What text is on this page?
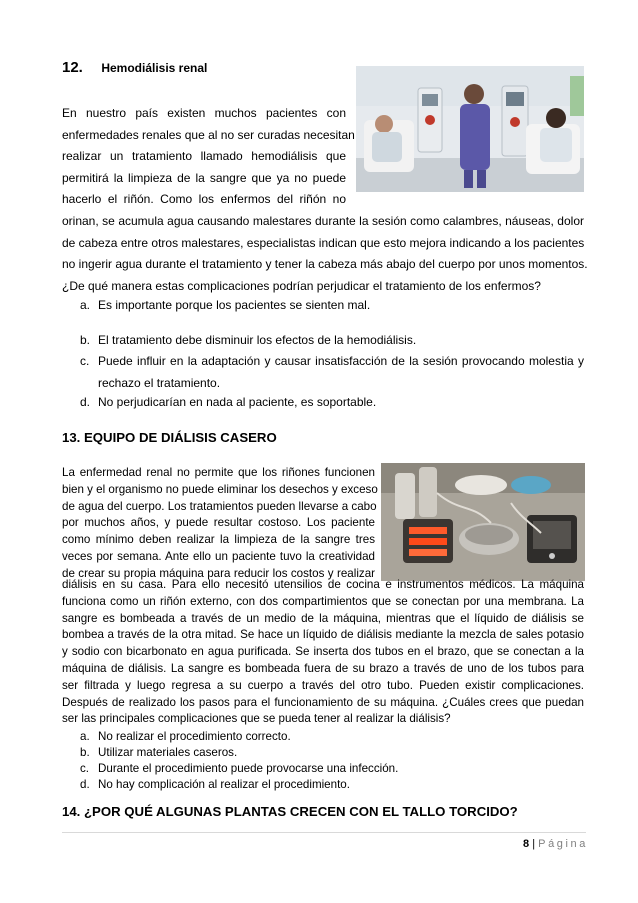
12. Hemodiálisis renal
En nuestro país existen muchos pacientes con
enfermedades renales que al no ser curadas necesitan
realizar un tratamiento llamado hemodiálisis que
permitirá la limpieza de la sangre que ya no puede
hacerlo el riñón. Como los enfermos del riñón no
orinan, se acumula agua causando malestares durante la sesión como calambres, náuseas, dolor
de cabeza entre otros malestares, especialistas indican que esto mejora indicando a los pacientes
no ingerir agua durante el tratamiento y tener la cabeza más abajo del cuerpo por unos momentos.
¿De qué manera estas complicaciones podrían perjudicar el tratamiento de los enfermos?
a. Es importante porque los pacientes se sienten mal.
b. El tratamiento debe disminuir los efectos de la hemodiálisis.
c. Puede influir en la adaptación y causar insatisfacción de la sesión provocando molestia y
rechazo el tratamiento.
d. No perjudicarían en nada al paciente, es soportable.
13. EQUIPO DE DIÁLISIS CASERO
La enfermedad renal no permite que los riñones funcionen
bien y el organismo no puede eliminar los desechos y exceso
de agua del cuerpo. Los tratamientos pueden llevarse a cabo
por muchos años, y puede resultar costoso. Los paciente
como mínimo deben realizar la limpieza de la sangre tres
veces por semana. Ante ello un paciente tuvo la creatividad
de crear su propia máquina para reducir los costos y realizar
diálisis en su casa. Para ello necesitó utensilios de cocina e instrumentos médicos. La máquina
funciona como un riñón externo, con dos compartimientos que se conectan por una membrana. La
sangre es bombeada a través de un medio de la máquina, mientras que el líquido de diálisis se
bombea a través de la otra mitad. Se hace un líquido de diálisis mediante la mezcla de sales potasio
y sodio con bicarbonato en agua purificada. Se inserta dos tubos en el brazo, que se conectan a la
máquina de diálisis. La sangre es bombeada fuera de su brazo a través de uno de los tubos para
ser filtrada y luego regresa a su cuerpo a través del otro tubo. Pueden existir complicaciones.
Después de realizado los pasos para el funcionamiento de su máquina. ¿Cuáles crees que puedan
ser las principales complicaciones que se pueda tener al realizar la diálisis?
a. No realizar el procedimiento correcto.
b. Utilizar materiales caseros.
c. Durante el procedimiento puede provocarse una infección.
d. No hay complicación al realizar el procedimiento.
14. ¿POR QUÉ ALGUNAS PLANTAS CRECEN CON EL TALLO TORCIDO?
8 | Página
